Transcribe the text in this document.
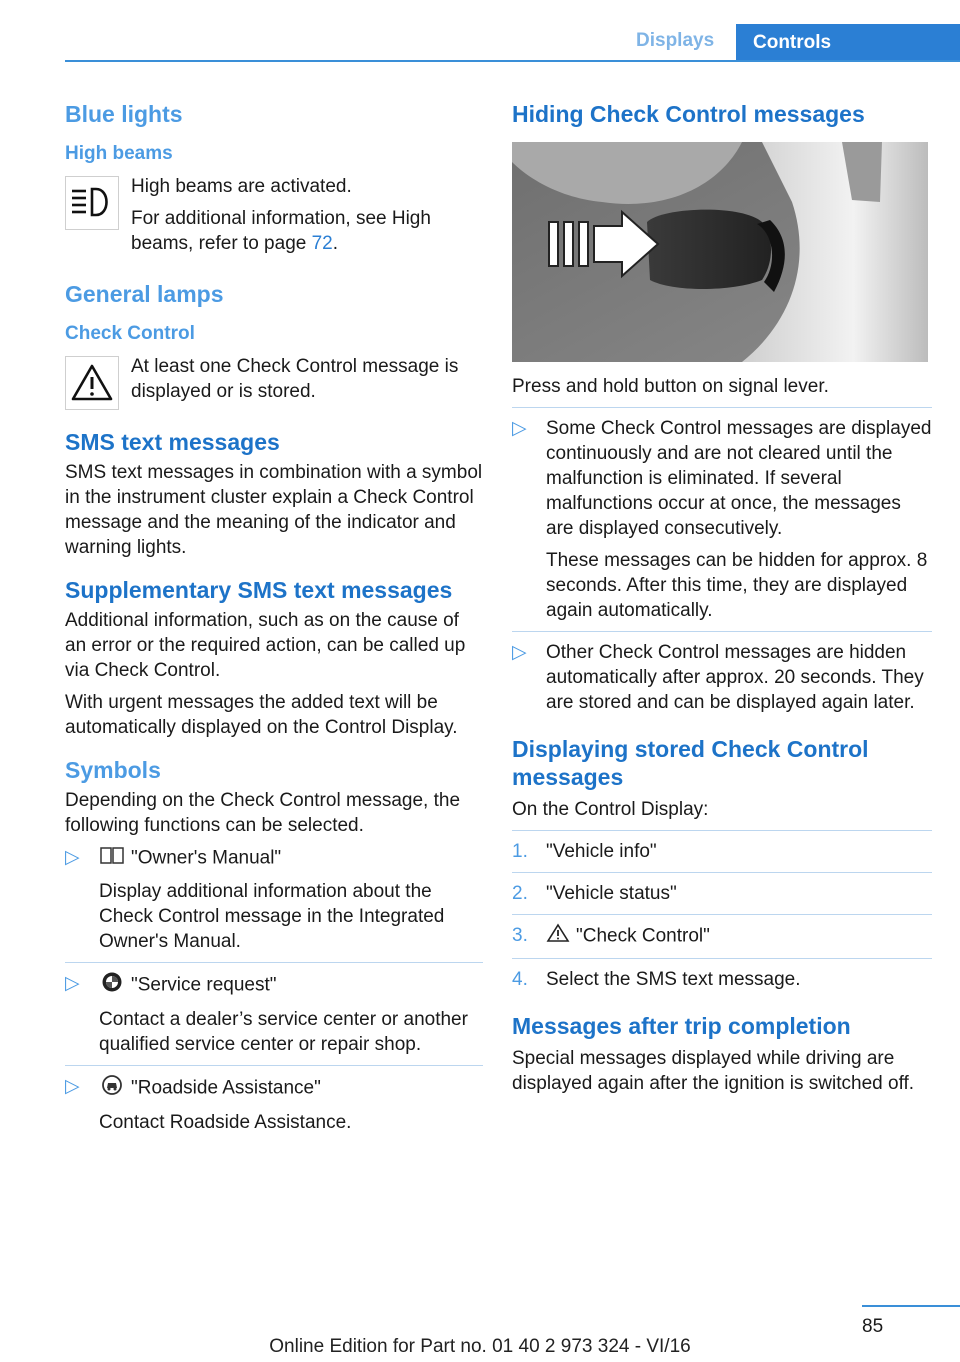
Displays	Controls
Blue lights
High beams

High beams are activated.

For additional information, see High beams, refer to page 72.

General lamps
Check Control

At least one Check Control message is displayed or is stored.

SMS text messages

SMS text messages in combination with a symbol in the instrument cluster explain a Check Control message and the meaning of the indicator and warning lights.

Supplementary SMS text messages

Additional information, such as on the cause of an error or the required action, can be called up via Check Control.

With urgent messages the added text will be automatically displayed on the Control Display.

Symbols

Depending on the Check Control message, the following functions can be selected.

▷	"Owner's Manual"

Display additional information about the Check Control message in the Integrated Owner's Manual.

▷	"Service request"

Contact a dealer’s service center or another qualified service center or repair shop.

▷	"Roadside Assistance"

Contact Roadside Assistance.

Hiding Check Control messages

Press and hold button on signal lever.

▷ Some Check Control messages are displayed continuously and are not cleared until the malfunction is eliminated. If several malfunctions occur at once, the messages are displayed consecutively.

These messages can be hidden for approx. 8 seconds. After this time, they are displayed again automatically.

▷ Other Check Control messages are hidden automatically after approx. 20 seconds. They are stored and can be displayed again later.

Displaying stored Check Control messages

On the Control Display:

1. "Vehicle info"

2. "Vehicle status"

3.	"Check Control"

4. Select the SMS text message.

Messages after trip completion

Special messages displayed while driving are displayed again after the ignition is switched off.

85
Online Edition for Part no. 01 40 2 973 324 - VI/16
